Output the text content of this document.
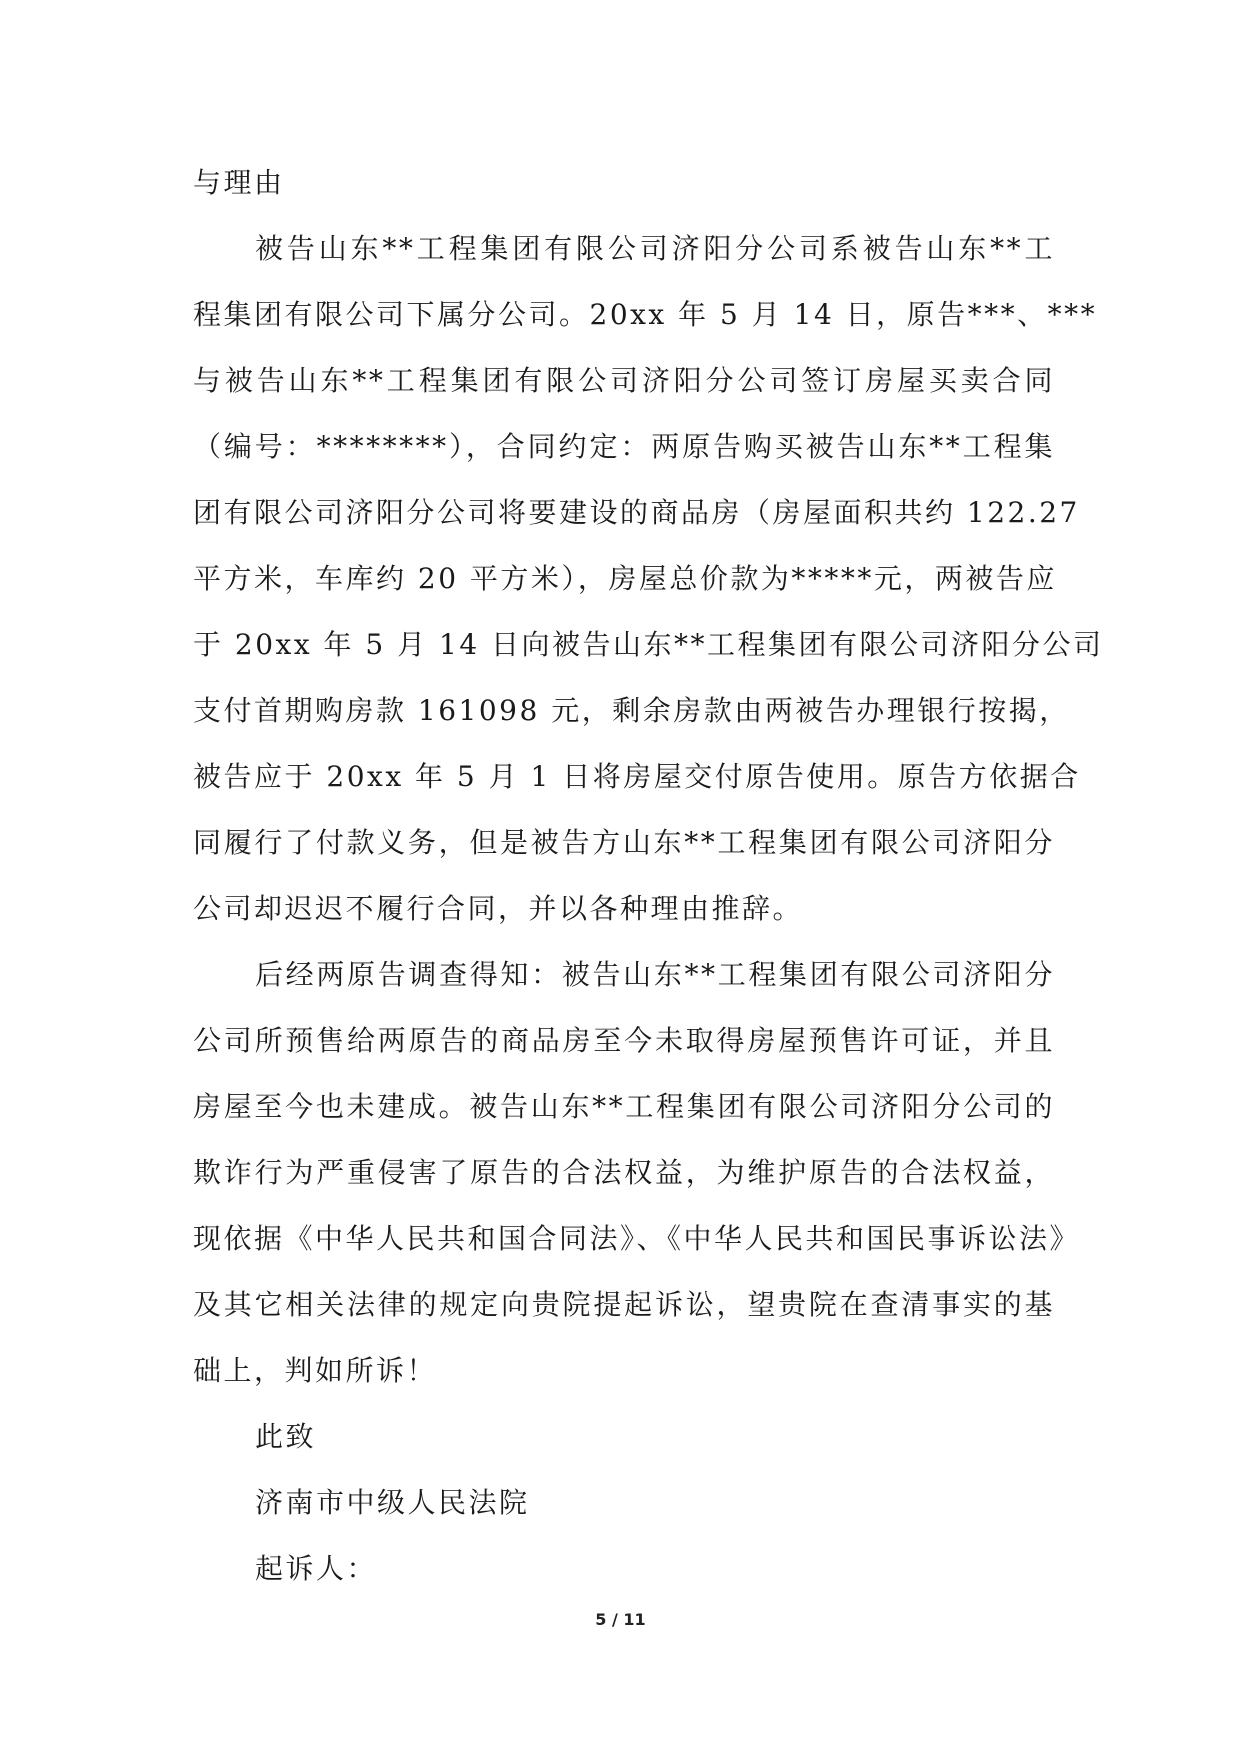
与理由
被告山东**工程集团有限公司济阳分公司系被告山东**工
程集团有限公司下属分公司。20xx 年 5 月 14 日，原告***、***
与被告山东**工程集团有限公司济阳分公司签订房屋买卖合同
（编号：********），合同约定：两原告购买被告山东**工程集
团有限公司济阳分公司将要建设的商品房（房屋面积共约 122.27
平方米，车库约 20 平方米），房屋总价款为*****元，两被告应
于 20xx 年 5 月 14 日向被告山东**工程集团有限公司济阳分公司
支付首期购房款 161098 元，剩余房款由两被告办理银行按揭，
被告应于 20xx 年 5 月 1 日将房屋交付原告使用。原告方依据合
同履行了付款义务，但是被告方山东**工程集团有限公司济阳分
公司却迟迟不履行合同，并以各种理由推辞。
后经两原告调查得知：被告山东**工程集团有限公司济阳分
公司所预售给两原告的商品房至今未取得房屋预售许可证，并且
房屋至今也未建成。被告山东**工程集团有限公司济阳分公司的
欺诈行为严重侵害了原告的合法权益，为维护原告的合法权益，
现依据《中华人民共和国合同法》、《中华人民共和国民事诉讼法》
及其它相关法律的规定向贵院提起诉讼，望贵院在查清事实的基
础上，判如所诉！
此致
济南市中级人民法院
起诉人：
5 / 11
